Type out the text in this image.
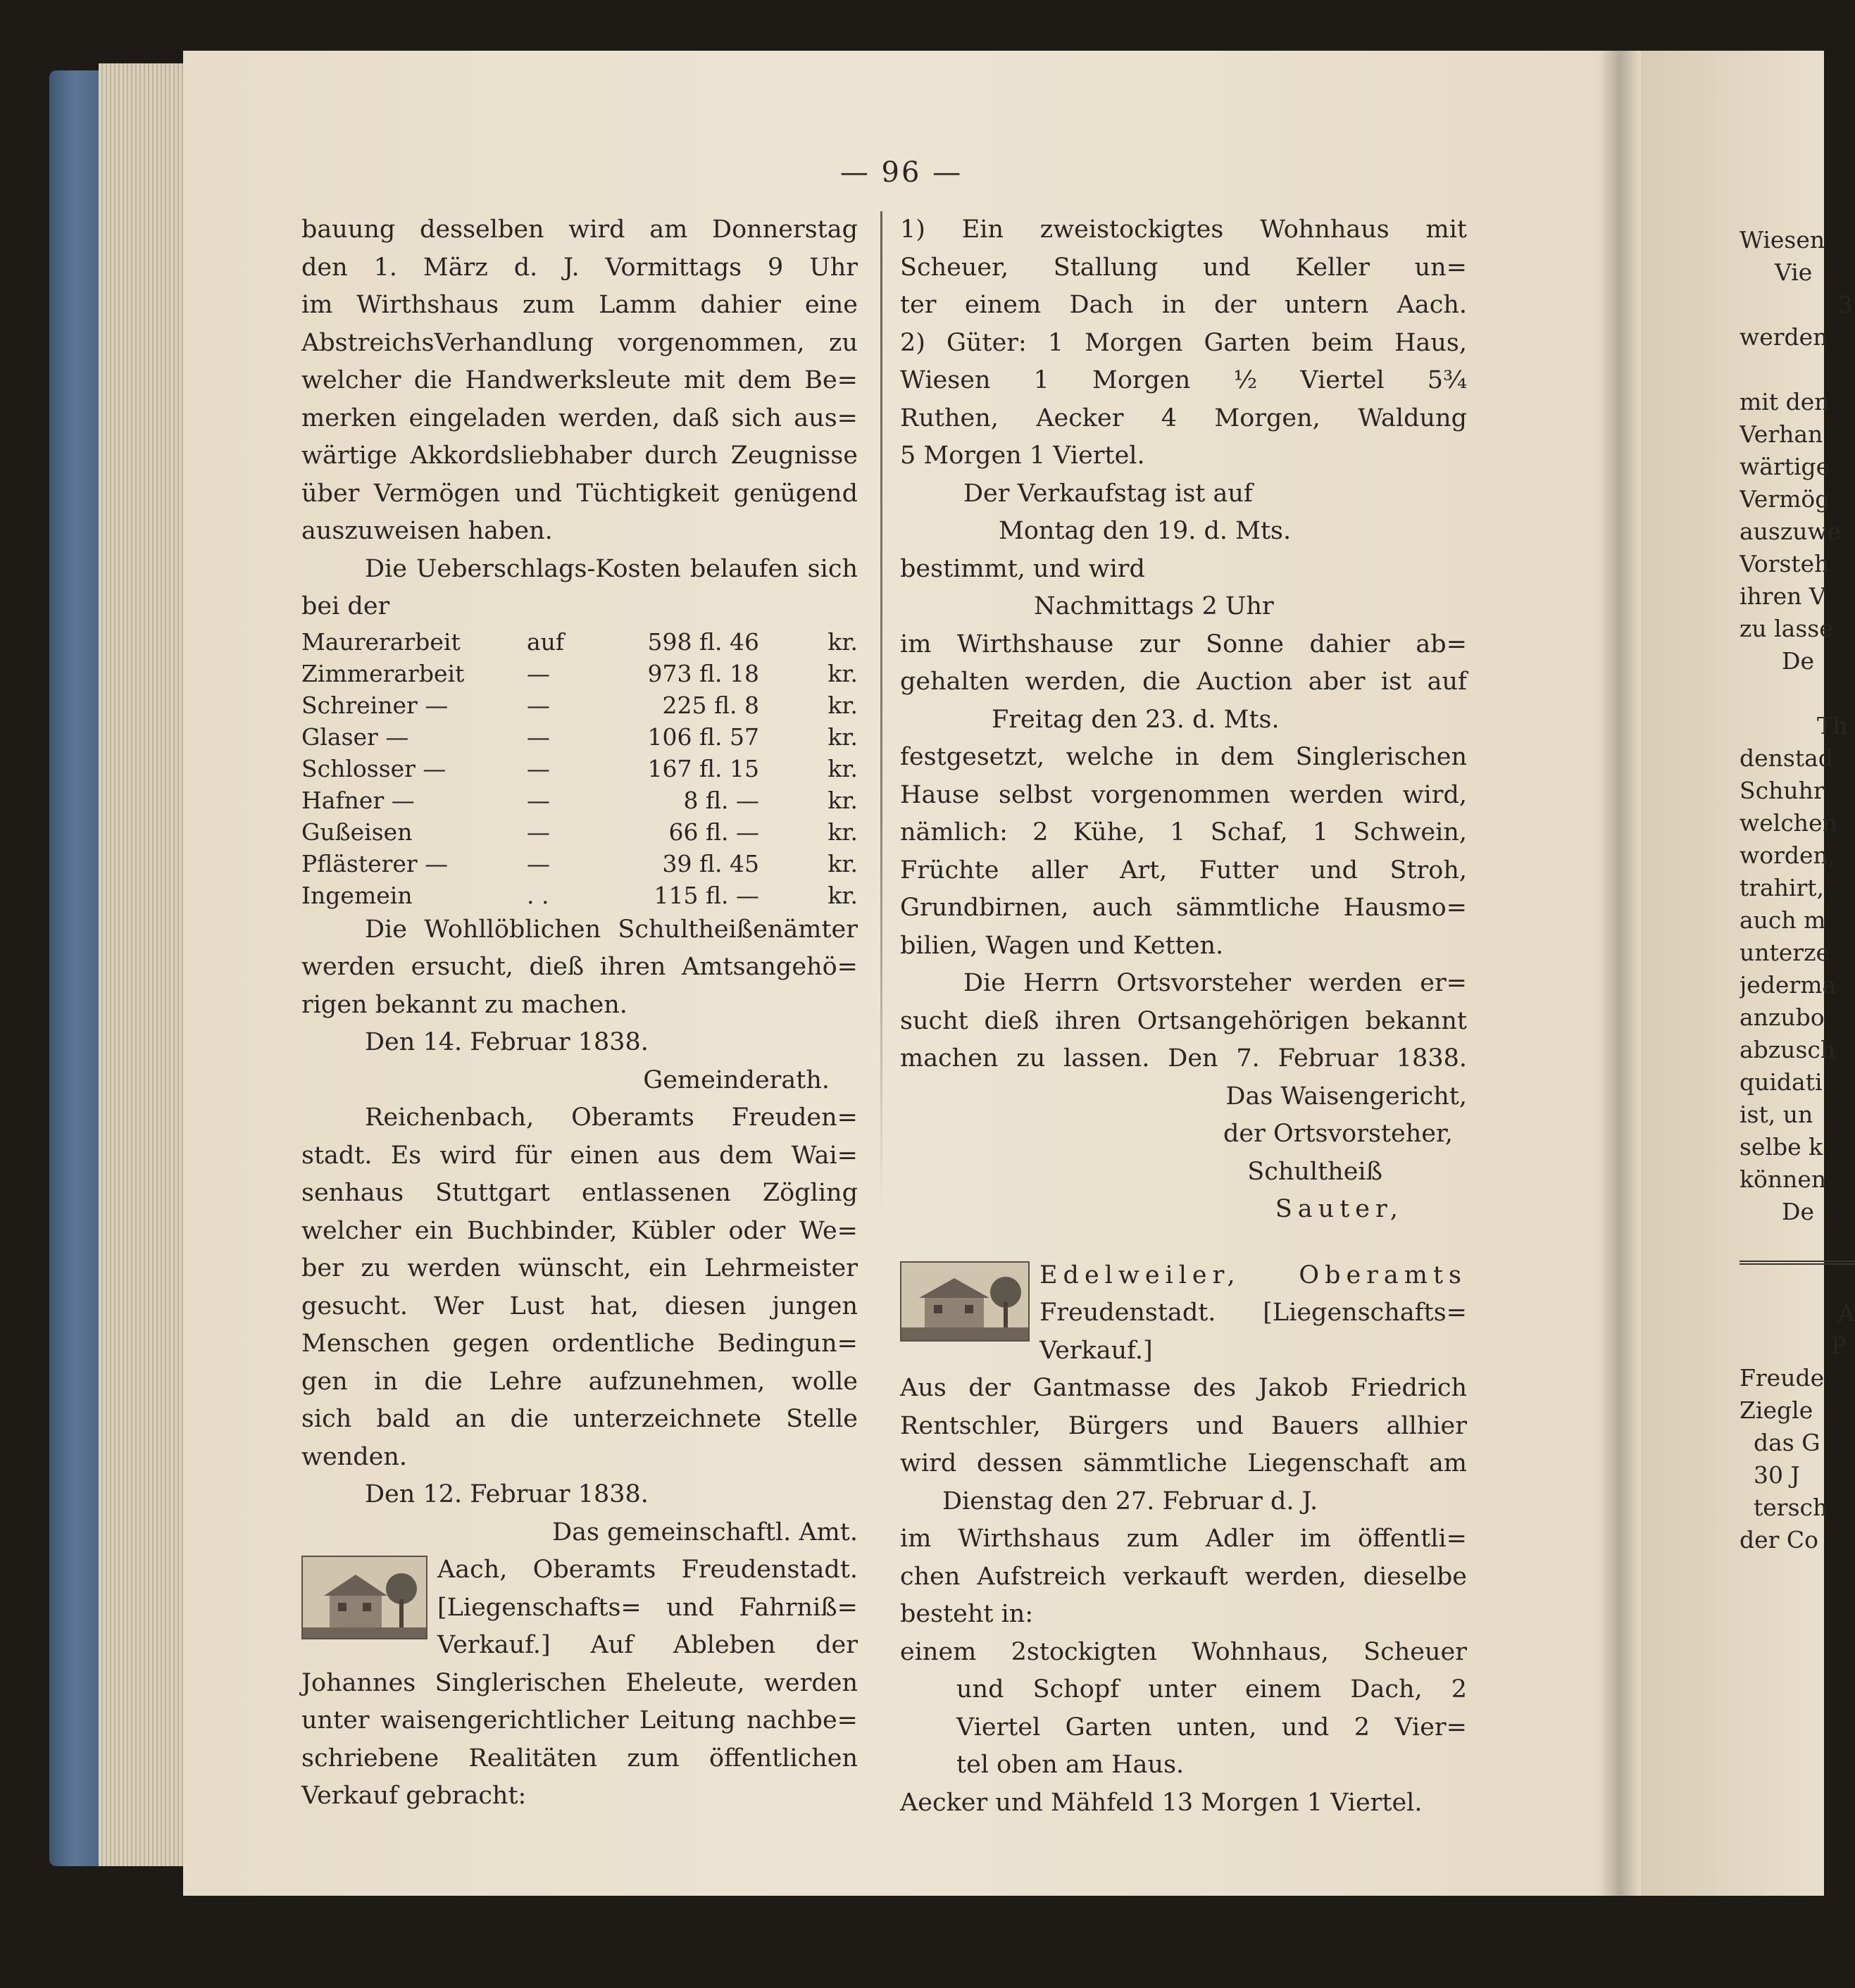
— 96 —

bauung desselben wird am Donnerstag

den 1. März d. J. Vormittags 9 Uhr

im Wirthshaus zum Lamm dahier eine

AbstreichsVerhandlung vorgenommen, zu

welcher die Handwerksleute mit dem Be=

merken eingeladen werden, daß sich aus=

wärtige Akkordsliebhaber durch Zeugnisse

über Vermögen und Tüchtigkeit genügend

auszuweisen haben.

Die Ueberschlags-Kosten belaufen sich

bei der

Maurerarbeit	auf	598 fl. 46	kr.
Zimmerarbeit	—	973 fl. 18	kr.
Schreiner —	—	225 fl. 8	kr.
Glaser —	—	106 fl. 57	kr.
Schlosser —	—	167 fl. 15	kr.
Hafner —	—	8 fl. —	kr.
Gußeisen	—	66 fl. —	kr.
Pflästerer —	—	39 fl. 45	kr.
Ingemein	. .	115 fl. —	kr.

Die Wohllöblichen Schultheißenämter

werden ersucht, dieß ihren Amtsangehö=

rigen bekannt zu machen.

Den 14. Februar 1838.

Gemeinderath.

Reichenbach, Oberamts Freuden=

stadt. Es wird für einen aus dem Wai=

senhaus Stuttgart entlassenen Zögling

welcher ein Buchbinder, Kübler oder We=

ber zu werden wünscht, ein Lehrmeister

gesucht. Wer Lust hat, diesen jungen

Menschen gegen ordentliche Bedingun=

gen in die Lehre aufzunehmen, wolle

sich bald an die unterzeichnete Stelle

wenden.

Den 12. Februar 1838.

Das gemeinschaftl. Amt.

Aach, Oberamts Freudenstadt.

[Liegenschafts= und Fahrniß=

Verkauf.] Auf Ableben der

Johannes Singlerischen Eheleute, werden

unter waisengerichtlicher Leitung nachbe=

schriebene Realitäten zum öffentlichen

Verkauf gebracht:

1) Ein zweistockigtes Wohnhaus mit

Scheuer, Stallung und Keller un=

ter einem Dach in der untern Aach.

2) Güter: 1 Morgen Garten beim Haus,

Wiesen 1 Morgen ½ Viertel 5¾

Ruthen, Aecker 4 Morgen, Waldung

5 Morgen 1 Viertel.

Der Verkaufstag ist auf

Montag den 19. d. Mts.

bestimmt, und wird

Nachmittags 2 Uhr

im Wirthshause zur Sonne dahier ab=

gehalten werden, die Auction aber ist auf

Freitag den 23. d. Mts.

festgesetzt, welche in dem Singlerischen

Hause selbst vorgenommen werden wird,

nämlich: 2 Kühe, 1 Schaf, 1 Schwein,

Früchte aller Art, Futter und Stroh,

Grundbirnen, auch sämmtliche Hausmo=

bilien, Wagen und Ketten.

Die Herrn Ortsvorsteher werden er=

sucht dieß ihren Ortsangehörigen bekannt

machen zu lassen. Den 7. Februar 1838.

Das Waisengericht,

der Ortsvorsteher,

Schultheiß

Sauter,

Edelweiler, Oberamts

Freudenstadt. [Liegenschafts=

Verkauf.]

Aus der Gantmasse des Jakob Friedrich

Rentschler, Bürgers und Bauers allhier

wird dessen sämmtliche Liegenschaft am

Dienstag den 27. Februar d. J.

im Wirthshaus zum Adler im öffentli=

chen Aufstreich verkauft werden, dieselbe

besteht in:

einem 2stockigten Wohnhaus, Scheuer

und Schopf unter einem Dach, 2

Viertel Garten unten, und 2 Vier=

tel oben am Haus.

Aecker und Mähfeld 13 Morgen 1 Viertel.

Wiesen
Vie
3
werden

mit den
Verhan
wärtige
Vermög
auszuwe
Vorsteh
ihren V
zu lasse
De

Th
denstad
Schuhr
welchen
worden,
trahirt,
auch m
unterze
jederma
anzubo
abzusch
quidati
ist, un
selbe k
können
De

A
P
Freude
Ziegle
das G
30 J
tersch
der Co
